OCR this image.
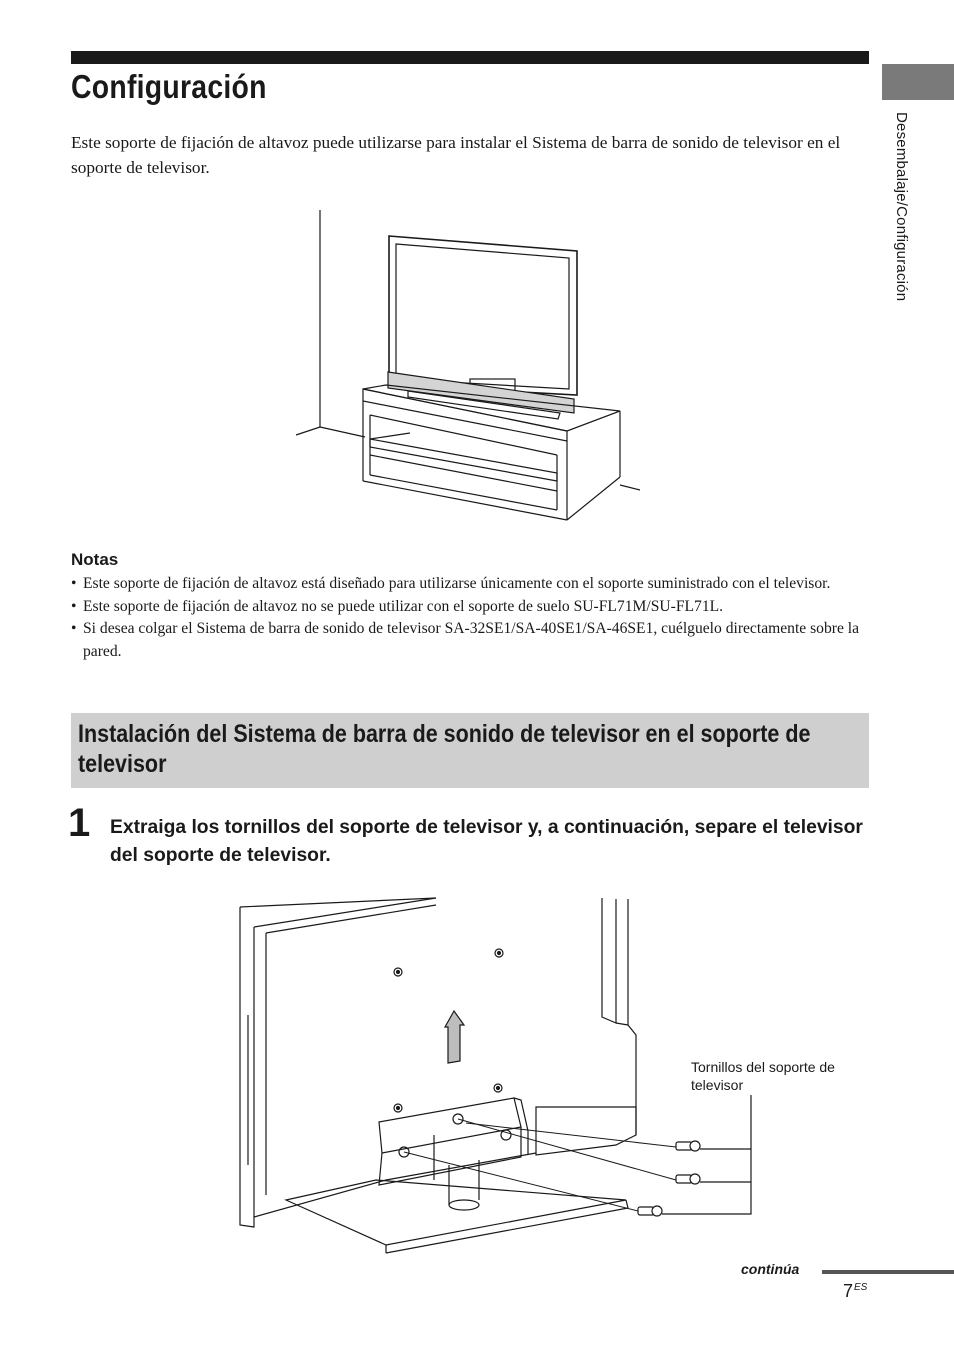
Desembalaje/Configuración
Configuración

Este soporte de fijación de altavoz puede utilizarse para instalar el Sistema de barra de sonido de televisor en el soporte de televisor.

Notas
• Este soporte de fijación de altavoz está diseñado para utilizarse únicamente con el soporte suministrado con el televisor.
• Este soporte de fijación de altavoz no se puede utilizar con el soporte de suelo SU-FL71M/SU-FL71L.
• Si desea colgar el Sistema de barra de sonido de televisor SA-32SE1/SA-40SE1/SA-46SE1, cuélguelo directamente sobre la pared.
Instalación del Sistema de barra de sonido de televisor en el soporte de televisor
1 Extraiga los tornillos del soporte de televisor y, a continuación, separe el televisor del soporte de televisor.

Tornillos del soporte de televisor

continúa
$7^{ES}$
